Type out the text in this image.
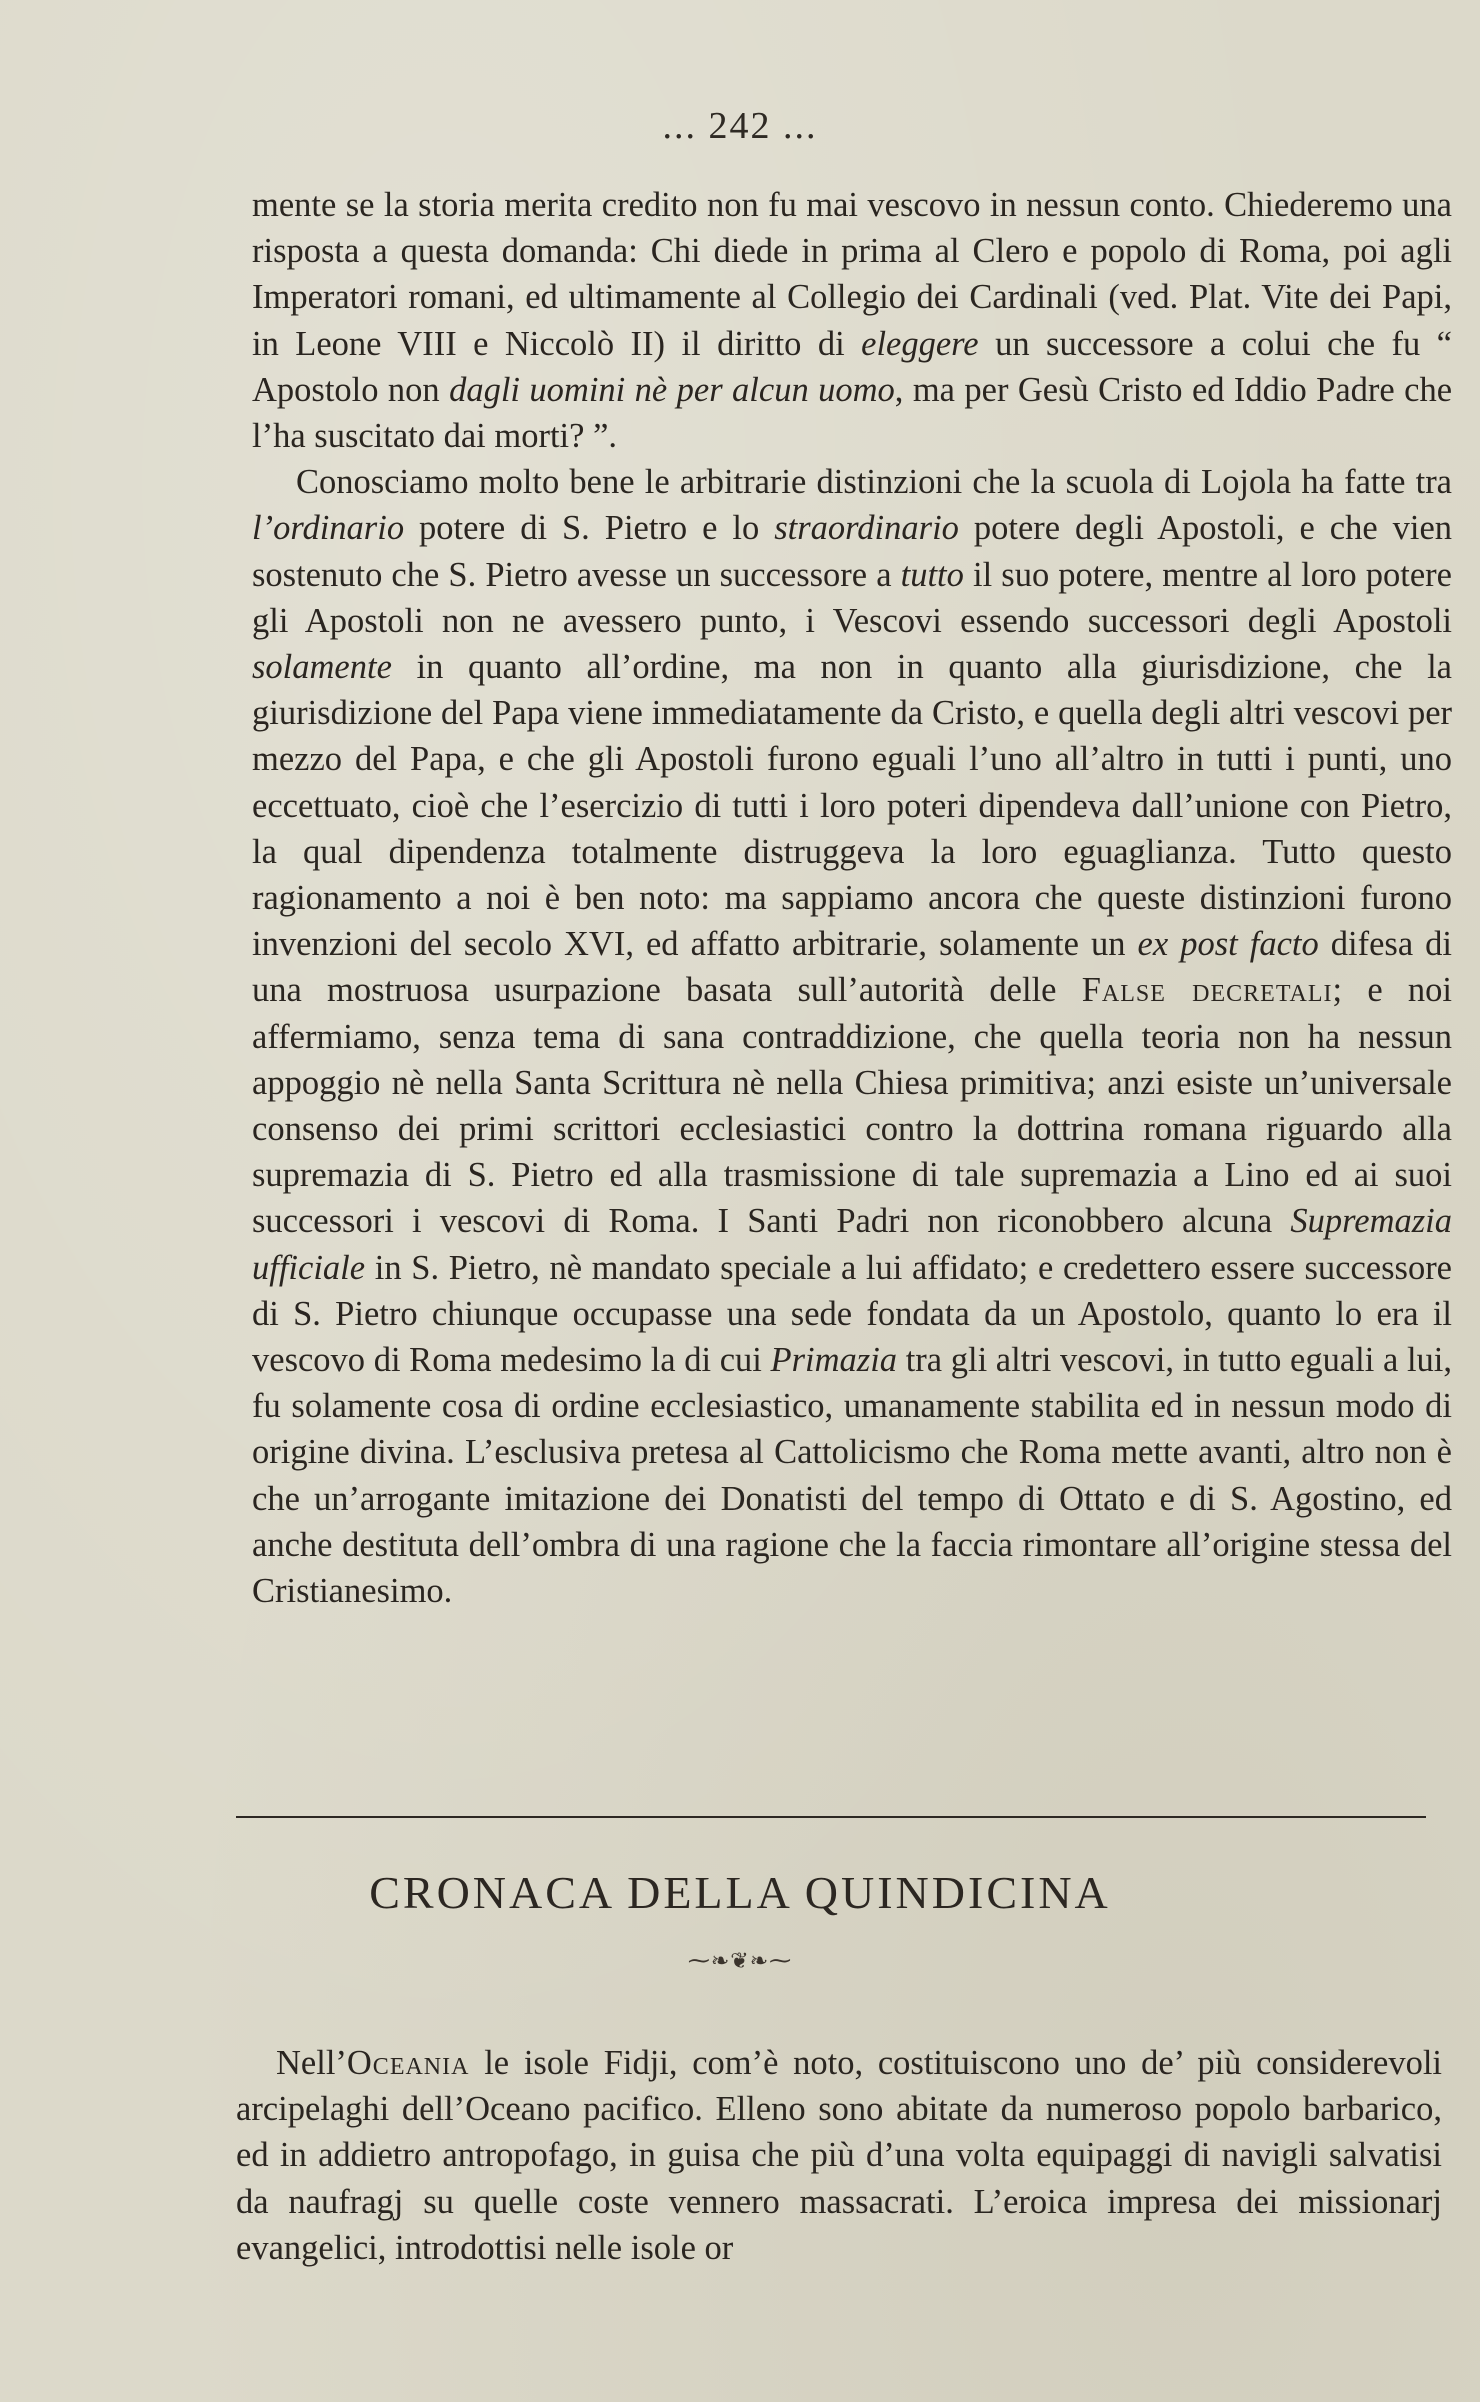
... 242 ...

mente se la storia merita credito non fu mai vescovo in nessun conto. Chiederemo una risposta a questa domanda: Chi diede in prima al Clero e popolo di Roma, poi agli Imperatori romani, ed ultimamente al Collegio dei Cardinali (ved. Plat. Vite dei Papi, in Leone VIII e Niccolò II) il diritto di eleggere un successore a colui che fu “ Apostolo non dagli uomini nè per alcun uomo, ma per Gesù Cristo ed Iddio Padre che l’ha suscitato dai morti? ”.

Conosciamo molto bene le arbitrarie distinzioni che la scuola di Lojola ha fatte tra l’ordinario potere di S. Pietro e lo straordinario potere degli Apostoli, e che vien sostenuto che S. Pietro avesse un successore a tutto il suo potere, mentre al loro potere gli Apostoli non ne avessero punto, i Vescovi essendo successori degli Apostoli solamente in quanto all’ordine, ma non in quanto alla giurisdizione, che la giurisdizione del Papa viene immediatamente da Cristo, e quella degli altri vescovi per mezzo del Papa, e che gli Apostoli furono eguali l’uno all’altro in tutti i punti, uno eccettuato, cioè che l’esercizio di tutti i loro poteri dipendeva dall’unione con Pietro, la qual dipendenza totalmente distruggeva la loro eguaglianza. Tutto questo ragionamento a noi è ben noto: ma sappiamo ancora che queste distinzioni furono invenzioni del secolo XVI, ed affatto arbitrarie, solamente un ex post facto difesa di una mostruosa usurpazione basata sull’autorità delle False decretali; e noi affermiamo, senza tema di sana contraddizione, che quella teoria non ha nessun appoggio nè nella Santa Scrittura nè nella Chiesa primitiva; anzi esiste un’universale consenso dei primi scrittori ecclesiastici contro la dottrina romana riguardo alla supremazia di S. Pietro ed alla trasmissione di tale supremazia a Lino ed ai suoi successori i vescovi di Roma. I Santi Padri non riconobbero alcuna Supremazia ufficiale in S. Pietro, nè mandato speciale a lui affidato; e credettero essere successore di S. Pietro chiunque occupasse una sede fondata da un Apostolo, quanto lo era il vescovo di Roma medesimo la di cui Primazia tra gli altri vescovi, in tutto eguali a lui, fu solamente cosa di ordine ecclesiastico, umanamente stabilita ed in nessun modo di origine divina. L’esclusiva pretesa al Cattolicismo che Roma mette avanti, altro non è che un’arrogante imitazione dei Donatisti del tempo di Ottato e di S. Agostino, ed anche destituta dell’ombra di una ragione che la faccia rimontare all’origine stessa del Cristianesimo.

CRONACA DELLA QUINDICINA
⁓❧❦❧⁓

Nell’Oceania le isole Fidji, com’è noto, costituiscono uno de’ più considerevoli arcipelaghi dell’Oceano pacifico. Elleno sono abitate da numeroso popolo barbarico, ed in addietro antropofago, in guisa che più d’una volta equipaggi di navigli salvatisi da naufragj su quelle coste vennero massacrati. L’eroica impresa dei missionarj evangelici, introdottisi nelle isole or
